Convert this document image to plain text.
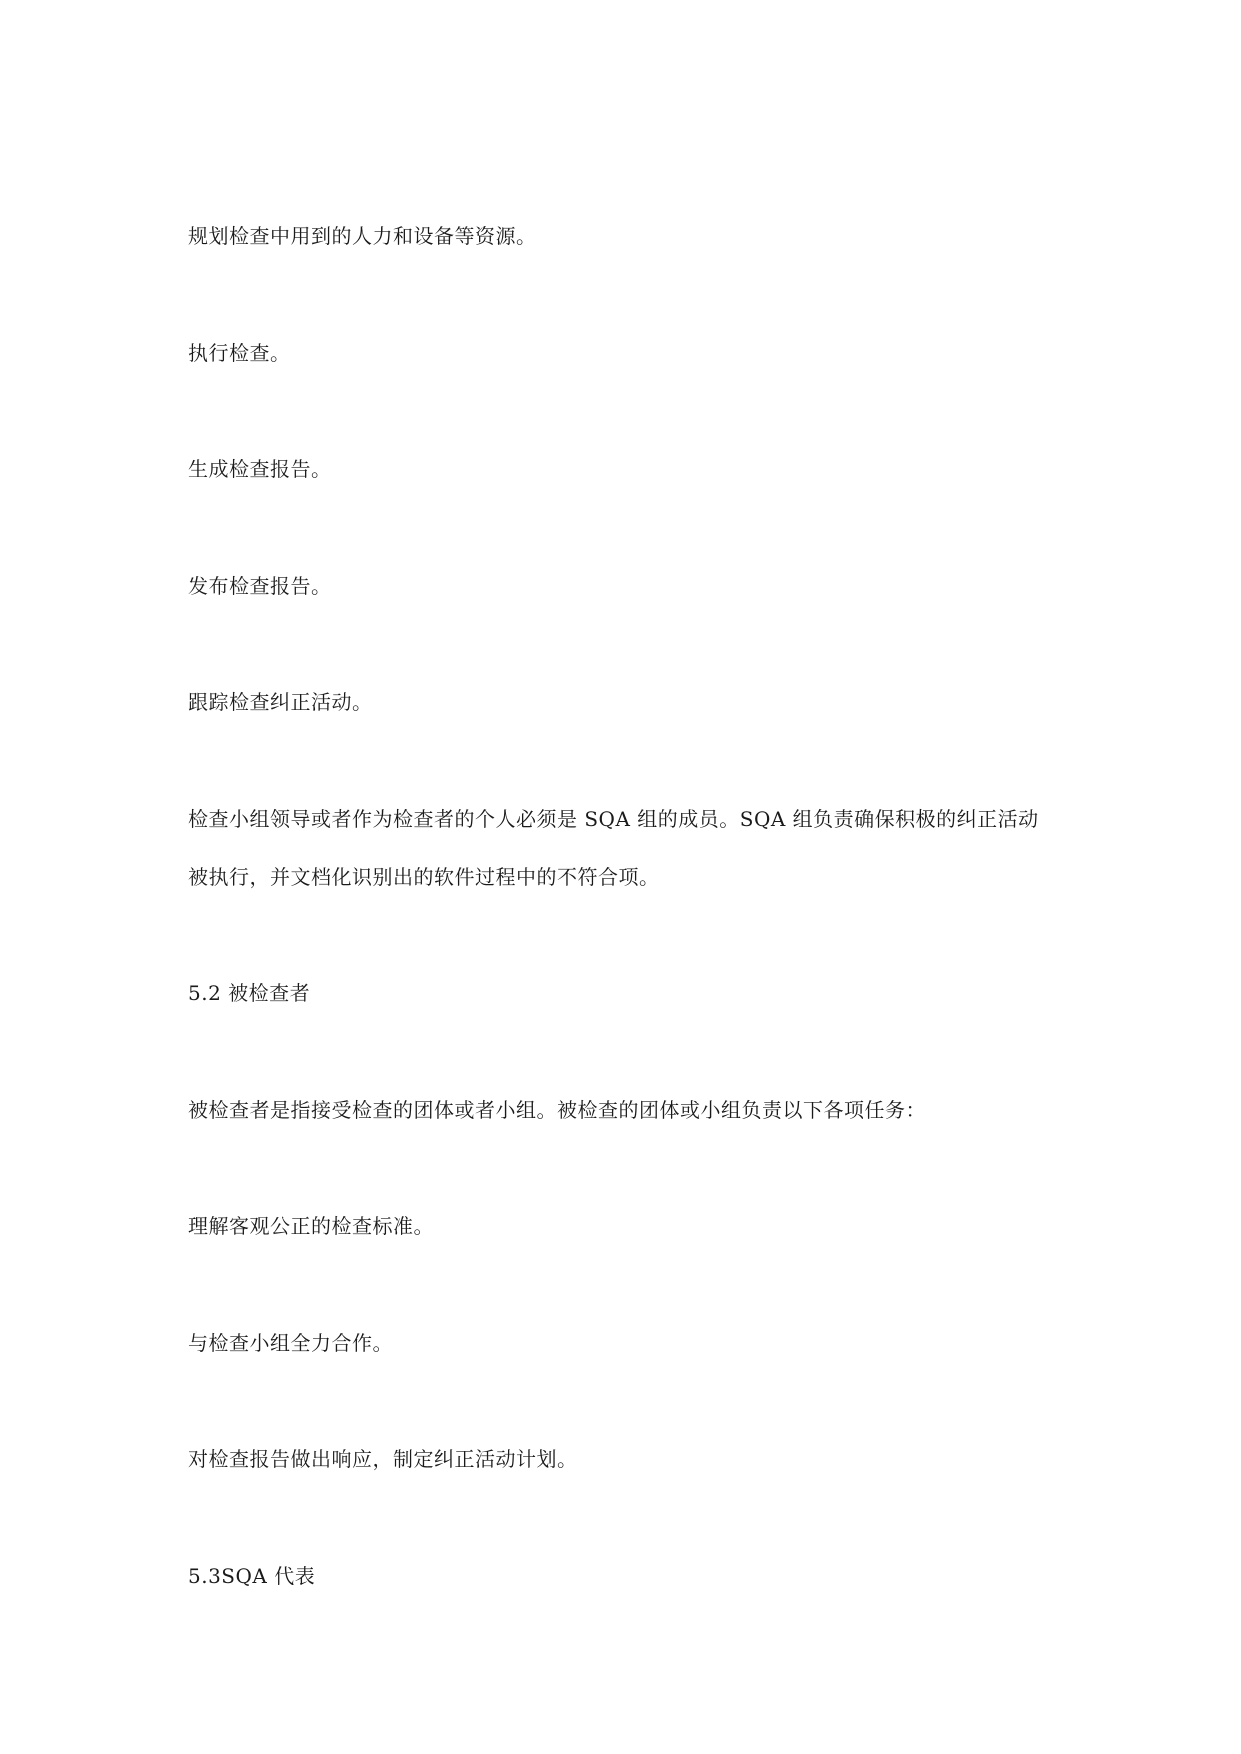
规划检查中用到的人力和设备等资源。
执行检查。
生成检查报告。
发布检查报告。
跟踪检查纠正活动。
检查小组领导或者作为检查者的个人必须是 SQA 组的成员。SQA 组负责确保积极的纠正活动
被执行，并文档化识别出的软件过程中的不符合项。
5.2 被检查者
被检查者是指接受检查的团体或者小组。被检查的团体或小组负责以下各项任务：
理解客观公正的检查标准。
与检查小组全力合作。
对检查报告做出响应，制定纠正活动计划。
5.3SQA 代表
